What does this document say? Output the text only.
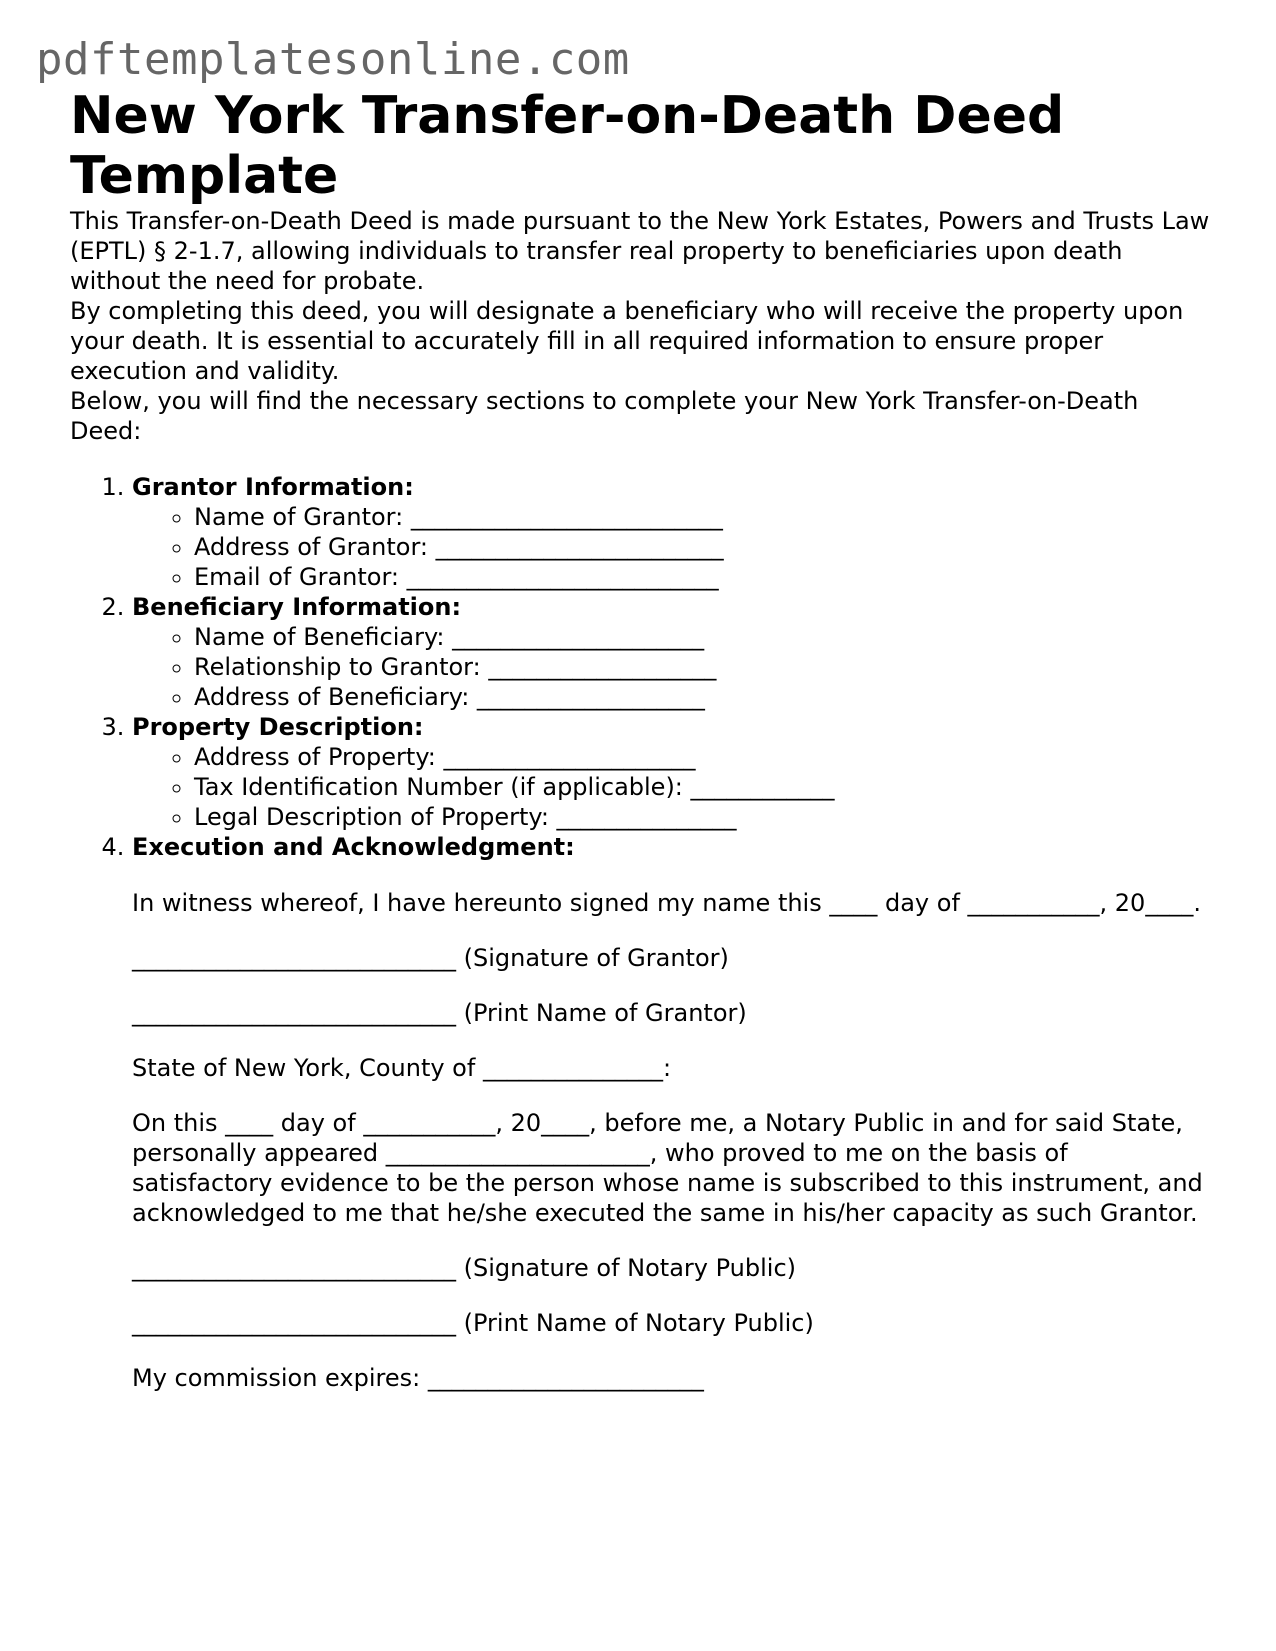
pdftemplatesonline.com
New York Transfer-on-Death Deed Template

This Transfer-on-Death Deed is made pursuant to the New York Estates, Powers and Trusts Law (EPTL) § 2-1.7, allowing individuals to transfer real property to beneficiaries upon death without the need for probate.

By completing this deed, you will designate a beneficiary who will receive the property upon your death. It is essential to accurately fill in all required information to ensure proper execution and validity.

Below, you will find the necessary sections to complete your New York Transfer-on-Death Deed:

1. Grantor Information:
◦ Name of Grantor: __________________________
◦ Address of Grantor: ________________________
◦ Email of Grantor: __________________________
2. Beneficiary Information:
◦ Name of Beneficiary: _____________________
◦ Relationship to Grantor: ___________________
◦ Address of Beneficiary: ___________________
3. Property Description:
◦ Address of Property: _____________________
◦ Tax Identification Number (if applicable): ____________
◦ Legal Description of Property: _______________
4. Execution and Acknowledgment:

In witness whereof, I have hereunto signed my name this ____ day of ___________, 20____.

___________________________ (Signature of Grantor)

___________________________ (Print Name of Grantor)

State of New York, County of _______________:

On this ____ day of ___________, 20____, before me, a Notary Public in and for said State, personally appeared ______________________, who proved to me on the basis of satisfactory evidence to be the person whose name is subscribed to this instrument, and acknowledged to me that he/she executed the same in his/her capacity as such Grantor.

___________________________ (Signature of Notary Public)

___________________________ (Print Name of Notary Public)

My commission expires: _______________________
